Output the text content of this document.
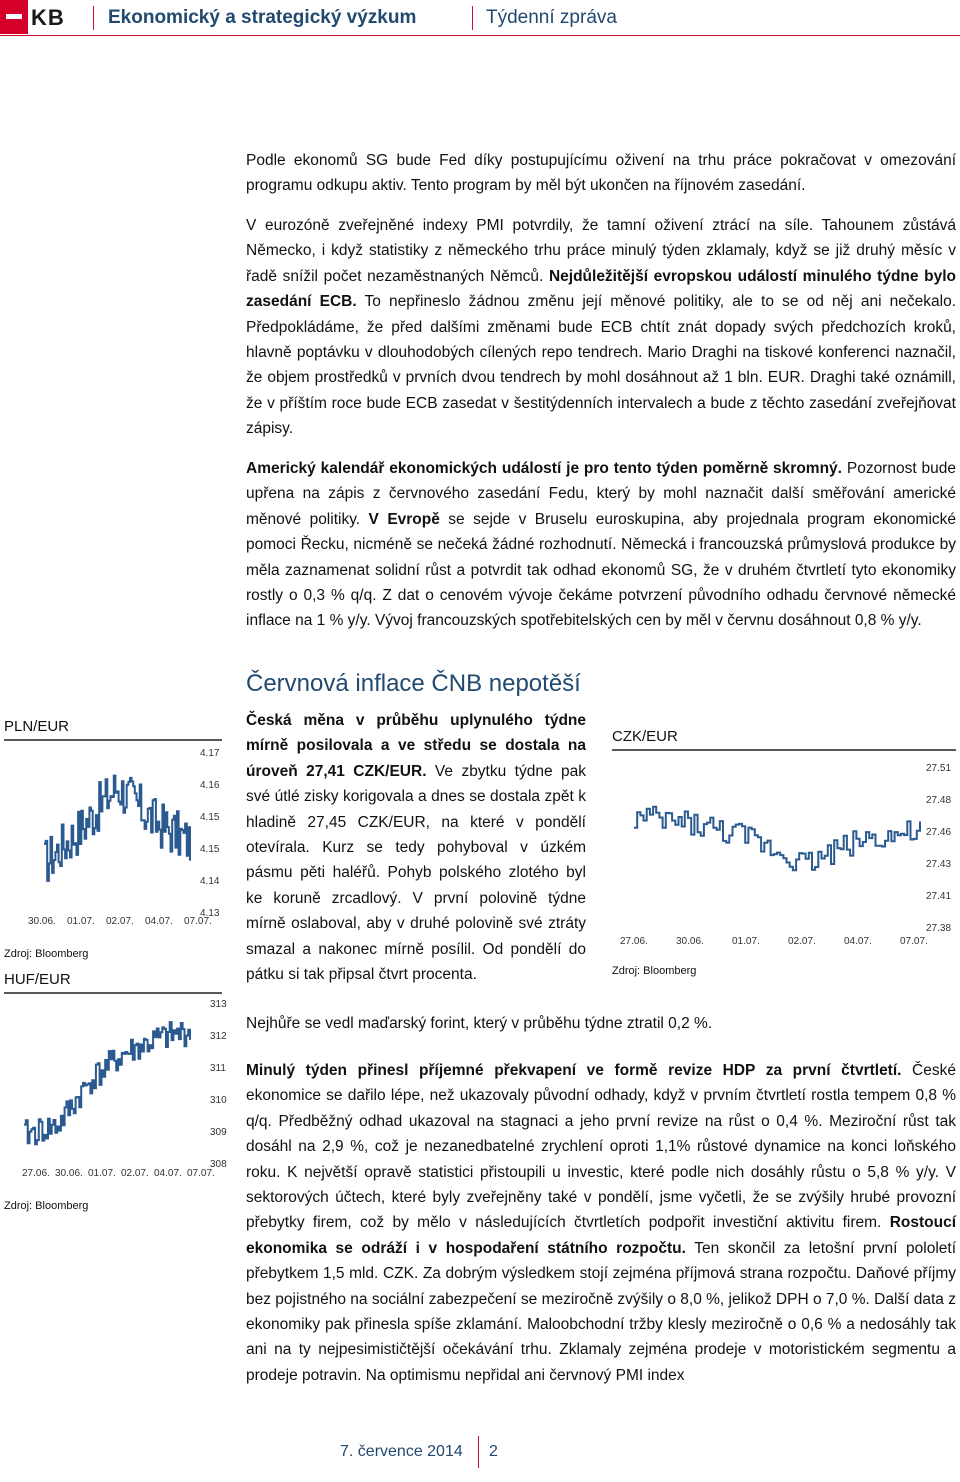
KB Ekonomický a strategický výzkum	Týdenní zpráva
Podle ekonomů SG bude Fed díky postupujícímu oživení na trhu práce pokračovat v omezování programu odkupu aktiv. Tento program by měl být ukončen na říjnovém zasedání.
V eurozóně zveřejněné indexy PMI potvrdily, že tamní oživení ztrácí na síle. Tahounem zůstává Německo, i když statistiky z německého trhu práce minulý týden zklamaly, když se již druhý měsíc v řadě snížil počet nezaměstnaných Němců. Nejdůležitější evropskou událostí minulého týdne bylo zasedání ECB. To nepřineslo žádnou změnu její měnové politiky, ale to se od něj ani nečekalo. Předpokládáme, že před dalšími změnami bude ECB chtít znát dopady svých předchozích kroků, hlavně poptávku v dlouhodobých cílených repo tendrech. Mario Draghi na tiskové konferenci naznačil, že objem prostředků v prvních dvou tendrech by mohl dosáhnout až 1 bln. EUR. Draghi také oznámill, že v příštím roce bude ECB zasedat v šestitýdenních intervalech a bude z těchto zasedání zveřejňovat zápisy.
Americký kalendář ekonomických událostí je pro tento týden poměrně skromný. Pozornost bude upřena na zápis z červnového zasedání Fedu, který by mohl naznačit další směřování americké měnové politiky. V Evropě se sejde v Bruselu euroskupina, aby projednala program ekonomické pomoci Řecku, nicméně se nečeká žádné rozhodnutí. Německá i francouzská průmyslová produkce by měla zaznamenat solidní růst a potvrdit tak odhad ekonomů SG, že v druhém čtvrtletí tyto ekonomiky rostly o 0,3 % q/q. Z dat o cenovém vývoje čekáme potvrzení původního odhadu červnové německé inflace na 1 % y/y. Vývoj francouzských spotřebitelských cen by měl v červnu dosáhnout 0,8 % y/y.
Červnová inflace ČNB nepotěší
Česká měna v průběhu uplynulého týdne mírně posilovala a ve středu se dostala na úroveň 27,41 CZK/EUR. Ve zbytku týdne pak své útlé zisky korigovala a dnes se dostala zpět k hladině 27,45 CZK/EUR, na které v pondělí otevírala. Kurz se tedy pohyboval v úzkém pásmu pěti haléřů. Pohyb polského zlotého byl ke koruně zrcadlový. V první polovině týdne mírně oslaboval, aby v druhé polovině své ztráty smazal a nakonec mírně posílil. Od pondělí do pátku si tak připsal čtvrt procenta.
Nejhůře se vedl maďarský forint, který v průběhu týdne ztratil 0,2 %.
Minulý týden přinesl příjemné překvapení ve formě revize HDP za první čtvrtletí. České ekonomice se dařilo lépe, než ukazovaly původní odhady, když v prvním čtvrtletí rostla tempem 0,8 % q/q. Předběžný odhad ukazoval na stagnaci a jeho první revize na růst o 0,4 %. Meziroční růst tak dosáhl na 2,9 %, což je nezanedbatelné zrychlení oproti 1,1% růstové dynamice na konci loňského roku. K největší opravě statistici přistoupili u investic, které podle nich dosáhly růstu o 5,8 % y/y. V sektorových účtech, které byly zveřejněny také v pondělí, jsme vyčetli, že se zvýšily hrubé provozní přebytky firem, což by mělo v následujících čtvrtletích podpořit investiční aktivitu firem. Rostoucí ekonomika se odráží i v hospodaření státního rozpočtu. Ten skončil za letošní první pololetí přebytkem 1,5 mld. CZK. Za dobrým výsledkem stojí zejména příjmová strana rozpočtu. Daňové příjmy bez pojistného na sociální zabezpečení se meziročně zvýšily o 8,0 %, jelikož DPH o 7,0 %. Další data z ekonomiky pak přinesla spíše zklamání. Maloobchodní tržby klesly meziročně o 0,6 % a nedosáhly tak ani na ty nejpesimističtější očekávání trhu. Zklamaly zejména prodeje v motoristickém segmentu a prodeje potravin. Na optimismu nepřidal ani červnový PMI index
PLN/EUR
4.17
4.16
4.15
4.15
4.14
4.13
30.06. 01.07. 02.07. 04.07. 07.07.
Zdroj: Bloomberg
HUF/EUR
313
312
311
310
309
308
27.06. 30.06. 01.07. 02.07. 04.07. 07.07.
Zdroj: Bloomberg
CZK/EUR
27.51
27.48
27.46
27.43
27.41
27.38
27.06.	30.06.	01.07.	02.07.	04.07.	07.07.
Zdroj: Bloomberg
7. července 2014 2
